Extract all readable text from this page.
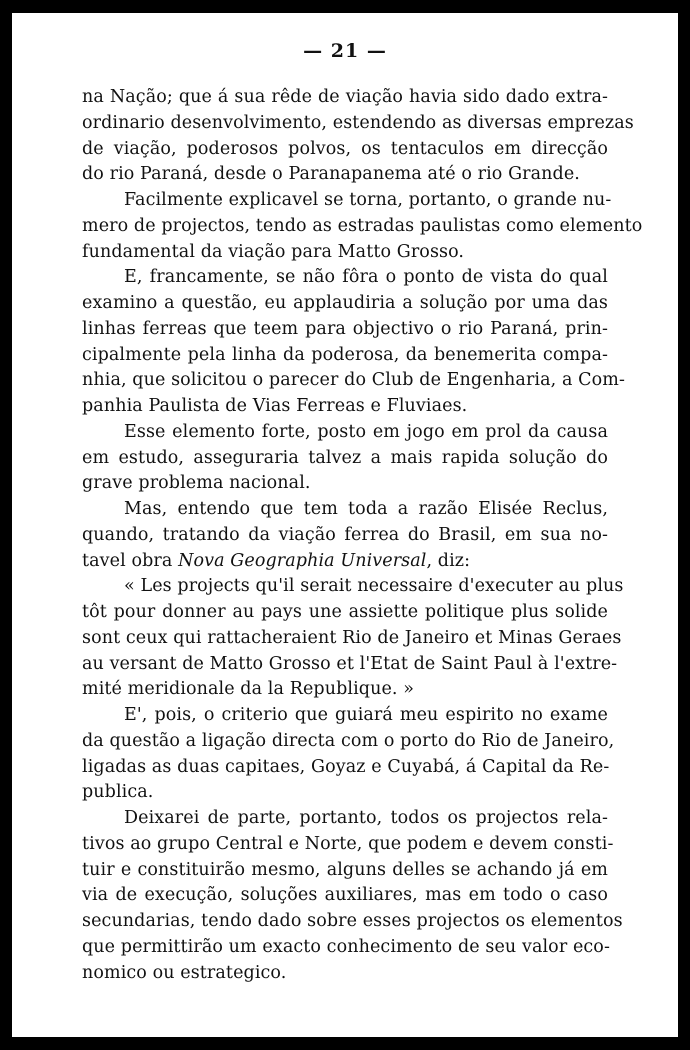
— 21 —
na Nação; que á sua rêde de viação havia sido dado extra-
ordinario desenvolvimento, estendendo as diversas emprezas
de viação, poderosos polvos, os tentaculos em direcção
do rio Paraná, desde o Paranapanema até o rio Grande.
Facilmente explicavel se torna, portanto, o grande nu-
mero de projectos, tendo as estradas paulistas como elemento
fundamental da viação para Matto Grosso.
E, francamente, se não fôra o ponto de vista do qual
examino a questão, eu applaudiria a solução por uma das
linhas ferreas que teem para objectivo o rio Paraná, prin-
cipalmente pela linha da poderosa, da benemerita compa-
nhia, que solicitou o parecer do Club de Engenharia, a Com-
panhia Paulista de Vias Ferreas e Fluviaes.
Esse elemento forte, posto em jogo em prol da causa
em estudo, asseguraria talvez a mais rapida solução do
grave problema nacional.
Mas, entendo que tem toda a razão Elisée Reclus,
quando, tratando da viação ferrea do Brasil, em sua no-
tavel obra Nova Geographia Universal, diz:
« Les projects qu'il serait necessaire d'executer au plus
tôt pour donner au pays une assiette politique plus solide
sont ceux qui rattacheraient Rio de Janeiro et Minas Geraes
au versant de Matto Grosso et l'Etat de Saint Paul à l'extre-
mité meridionale da la Republique. »
E', pois, o criterio que guiará meu espirito no exame
da questão a ligação directa com o porto do Rio de Janeiro,
ligadas as duas capitaes, Goyaz e Cuyabá, á Capital da Re-
publica.
Deixarei de parte, portanto, todos os projectos rela-
tivos ao grupo Central e Norte, que podem e devem consti-
tuir e constituirão mesmo, alguns delles se achando já em
via de execução, soluções auxiliares, mas em todo o caso
secundarias, tendo dado sobre esses projectos os elementos
que permittirão um exacto conhecimento de seu valor eco-
nomico ou estrategico.
